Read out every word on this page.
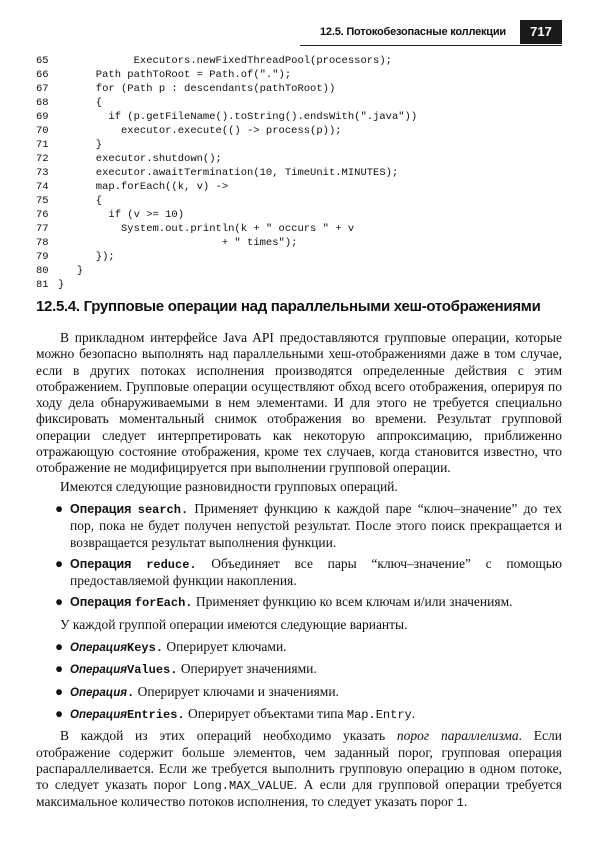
12.5. Потокобезопасные коллекции	717
65            Executors.newFixedThreadPool(processors);
66      Path pathToRoot = Path.of(".");
67      for (Path p : descendants(pathToRoot))
68      {
69        if (p.getFileName().toString().endsWith(".java"))
70          executor.execute(() -> process(p));
71      }
72      executor.shutdown();
73      executor.awaitTermination(10, TimeUnit.MINUTES);
74      map.forEach((k, v) ->
75      {
76        if (v >= 10)
77          System.out.println(k + " occurs " + v
78                          + " times");
79      });
80   }
81 }
12.5.4. Групповые операции над параллельными хеш-отображениями

В прикладном интерфейсе Java API предоставляются групповые операции, которые можно безопасно выполнять над параллельными хеш-отображениями даже в том случае, если в других потоках исполнения производятся определенные действия с этим отображением. Групповые операции осуществляют обход всего отображения, оперируя по ходу дела обнаруживаемыми в нем элементами. И для этого не требуется специально фиксировать моментальный снимок отображения во времени. Результат групповой операции следует интерпретировать как некоторую аппроксимацию, приближенно отражающую состояние отображения, кроме тех случаев, когда становится известно, что отображение не модифицируется при выполнении групповой операции.

Имеются следующие разновидности групповых операций.

● Операция search. Применяет функцию к каждой паре “ключ–значение” до тех пор, пока не будет получен непустой результат. После этого поиск прекращается и возвращается результат выполнения функции.
● Операция reduce. Объединяет все пары “ключ–значение” с помощью предоставляемой функции накопления.
● Операция forEach. Применяет функцию ко всем ключам и/или значениям.

У каждой группой операции имеются следующие варианты.

● ОперацияKeys. Оперирует ключами.
● ОперацияValues. Оперирует значениями.
● Операция. Оперирует ключами и значениями.
● ОперацияEntries. Оперирует объектами типа Map.Entry.

В каждой из этих операций необходимо указать порог параллелизма. Если отображение содержит больше элементов, чем заданный порог, групповая операция распараллеливается. Если же требуется выполнить групповую операцию в одном потоке, то следует указать порог Long.MAX_VALUE. А если для групповой операции требуется максимальное количество потоков исполнения, то следует указать порог 1.
